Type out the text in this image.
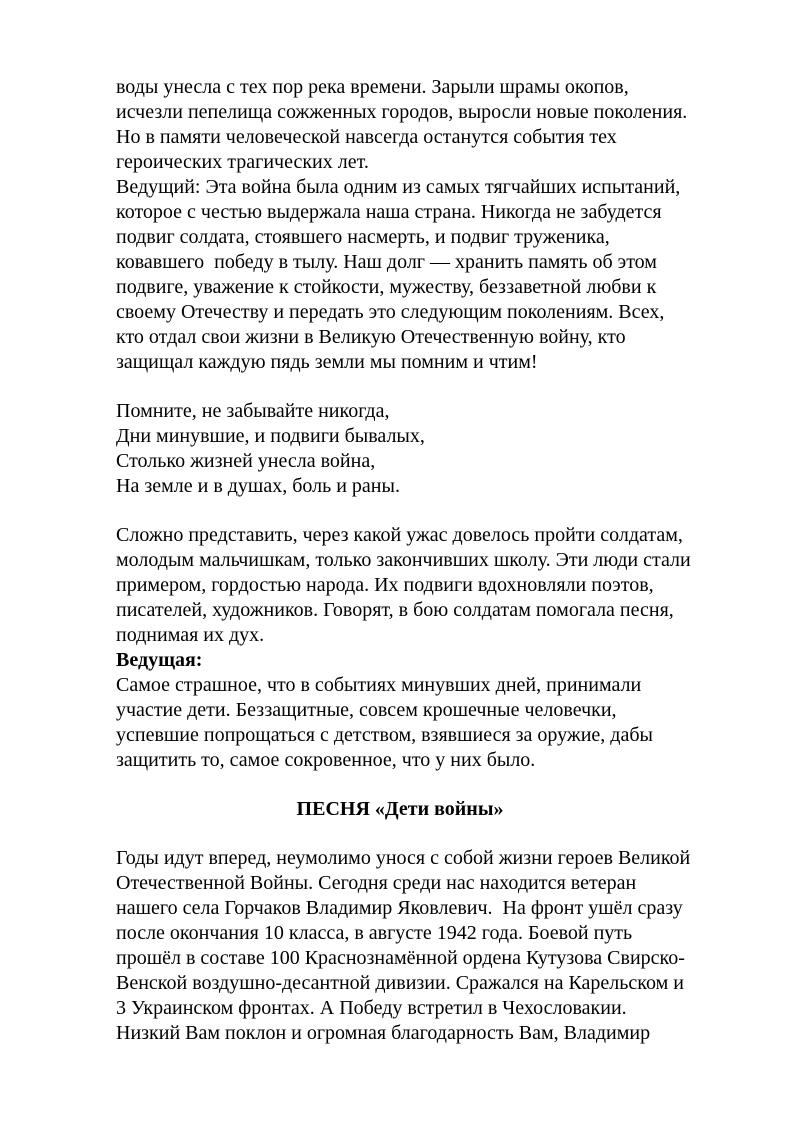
воды унесла с тех пор река времени. Зарыли шрамы окопов,
исчезли пепелища сожженных городов, выросли новые поколения.
Но в памяти человеческой навсегда останутся события тех
героических трагических лет.
Ведущий: Эта война была одним из самых тягчайших испытаний,
которое с честью выдержала наша страна. Никогда не забудется
подвиг солдата, стоявшего насмерть, и подвиг труженика,
ковавшего  победу в тылу. Наш долг — хранить память об этом
подвиге, уважение к стойкости, мужеству, беззаветной любви к
своему Отечеству и передать это следующим поколениям. Всех,
кто отдал свои жизни в Великую Отечественную войну, кто
защищал каждую пядь земли мы помним и чтим!
Помните, не забывайте никогда,
Дни минувшие, и подвиги бывалых,
Столько жизней унесла война,
На земле и в душах, боль и раны.
Сложно представить, через какой ужас довелось пройти солдатам,
молодым мальчишкам, только закончивших школу. Эти люди стали
примером, гордостью народа. Их подвиги вдохновляли поэтов,
писателей, художников. Говорят, в бою солдатам помогала песня,
поднимая их дух.
Ведущая:
Самое страшное, что в событиях минувших дней, принимали
участие дети. Беззащитные, совсем крошечные человечки,
успевшие попрощаться с детством, взявшиеся за оружие, дабы
защитить то, самое сокровенное, что у них было.
ПЕСНЯ «Дети войны»
Годы идут вперед, неумолимо унося с собой жизни героев Великой
Отечественной Войны. Сегодня среди нас находится ветеран
нашего села Горчаков Владимир Яковлевич.  На фронт ушёл сразу
после окончания 10 класса, в августе 1942 года. Боевой путь
прошёл в составе 100 Краснознамённой ордена Кутузова Свирско-
Венской воздушно-десантной дивизии. Сражался на Карельском и
3 Украинском фронтах. А Победу встретил в Чехословакии.
Низкий Вам поклон и огромная благодарность Вам, Владимир
